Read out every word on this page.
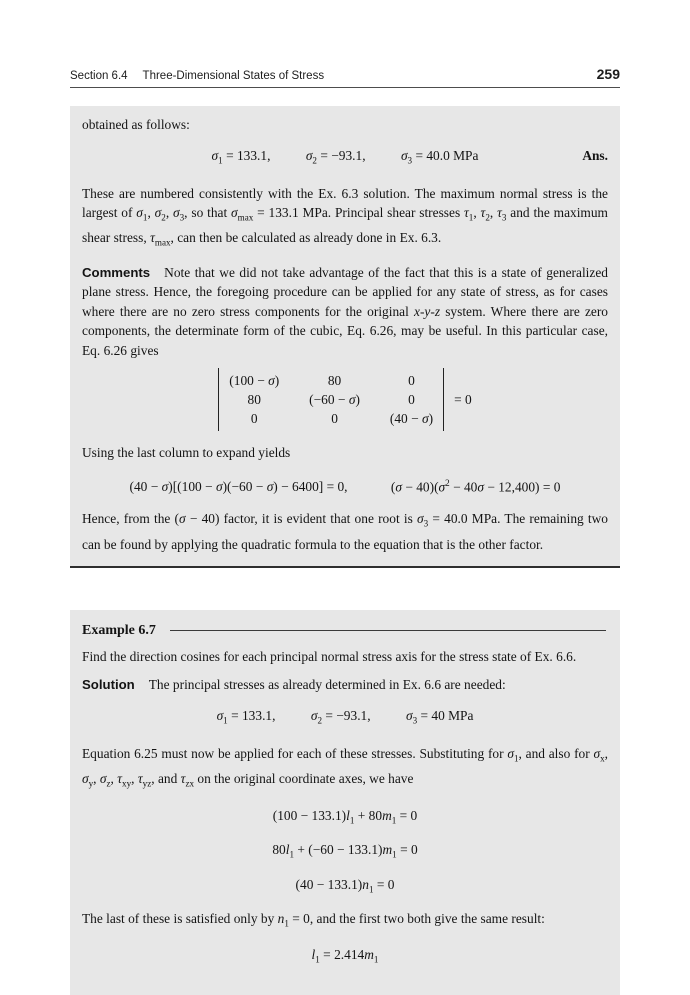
Section 6.4 Three-Dimensional States of Stress	259

obtained as follows:

$\sigma_1 = 133.1$,	$\sigma_2 = -93.1$,	$\sigma_3 = 40.0$ MPa	Ans.

These are numbered consistently with the Ex. 6.3 solution. The maximum normal stress is the largest of $\sigma_1$, $\sigma_2$, $\sigma_3$, so that $\sigma_{max} = 133.1$ MPa. Principal shear stresses $\tau_1$, $\tau_2$, $\tau_3$ and the maximum shear stress, $\tau_{max}$, can then be calculated as already done in Ex. 6.3.

Comments Note that we did not take advantage of the fact that this is a state of generalized plane stress. Hence, the foregoing procedure can be applied for any state of stress, as for cases where there are no zero stress components for the original x-y-z system. Where there are zero components, the determinate form of the cubic, Eq. 6.26, may be useful. In this particular case, Eq. 6.26 gives

(100 − σ)	80	0
80	(−60 − σ)	0
0	0	(40 − σ)
= 0

Using the last column to expand yields

(40 − σ)[(100 − σ)(−60 − σ) − 6400] = 0,	$(\sigma - 40)(\sigma^2 - 40\sigma - 12,400) = 0$

Hence, from the (σ − 40) factor, it is evident that one root is $\sigma_3 = 40.0$ MPa. The remaining two can be found by applying the quadratic formula to the equation that is the other factor.

Example 6.7

Find the direction cosines for each principal normal stress axis for the stress state of Ex. 6.6.

Solution The principal stresses as already determined in Ex. 6.6 are needed:

$\sigma_1 = 133.1$,	$\sigma_2 = -93.1$,	$\sigma_3 = 40$ MPa

Equation 6.25 must now be applied for each of these stresses. Substituting for $\sigma_1$, and also for $\sigma_x$, $\sigma_y$, $\sigma_z$, $\tau_{xy}$, $\tau_{yz}$, and $\tau_{zx}$ on the original coordinate axes, we have

$(100 - 133.1)l_1 + 80m_1 = 0$
$80l_1 + (-60 - 133.1)m_1 = 0$
$(40 - 133.1)n_1 = 0$

The last of these is satisfied only by $n_1 = 0$, and the first two both give the same result:

$l_1 = 2.414m_1$
